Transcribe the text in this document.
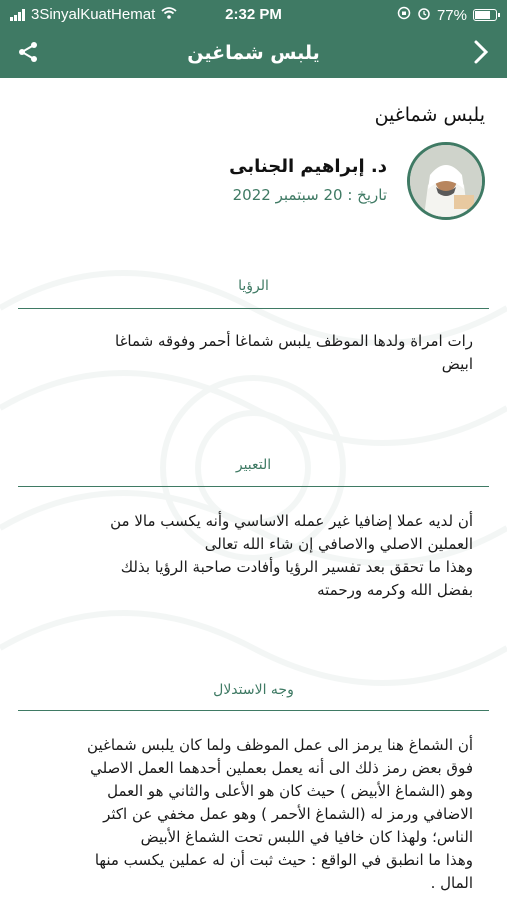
3SinyalKuatHemat	2:32 PM	77%
يلبس شماغين
يلبس شماغين
د. إبراهيم الجنابى
تاريخ : 20 سبتمبر 2022
الرؤيا
رات امراة ولدها الموظف يلبس شماغا أحمر وفوقه شماغا
ابيض
التعبير
أن لديه عملا إضافيا غير عمله الاساسي وأنه يكسب مالا من
العملين الاصلي والاصافي إن شاء الله تعالى
وهذا ما تحقق بعد تفسير الرؤيا وأفادت صاحبة الرؤيا بذلك
بفضل الله وكرمه ورحمته
وجه الاستدلال
أن الشماغ هنا يرمز الى عمل الموظف ولما كان يلبس شماغين
فوق بعض رمز ذلك الى أنه يعمل بعملين أحدهما العمل الاصلي
وهو (الشماغ الأبيض ) حيث كان هو الأعلى والثاني هو العمل
الاضافي ورمز له (الشماغ الأحمر ) وهو عمل مخفي عن اكثر
الناس؛ ولهذا كان خافيا في اللبس تحت الشماغ الأبيض
وهذا ما انطبق في الواقع : حيث ثبت أن له عملين يكسب منها
المال .
